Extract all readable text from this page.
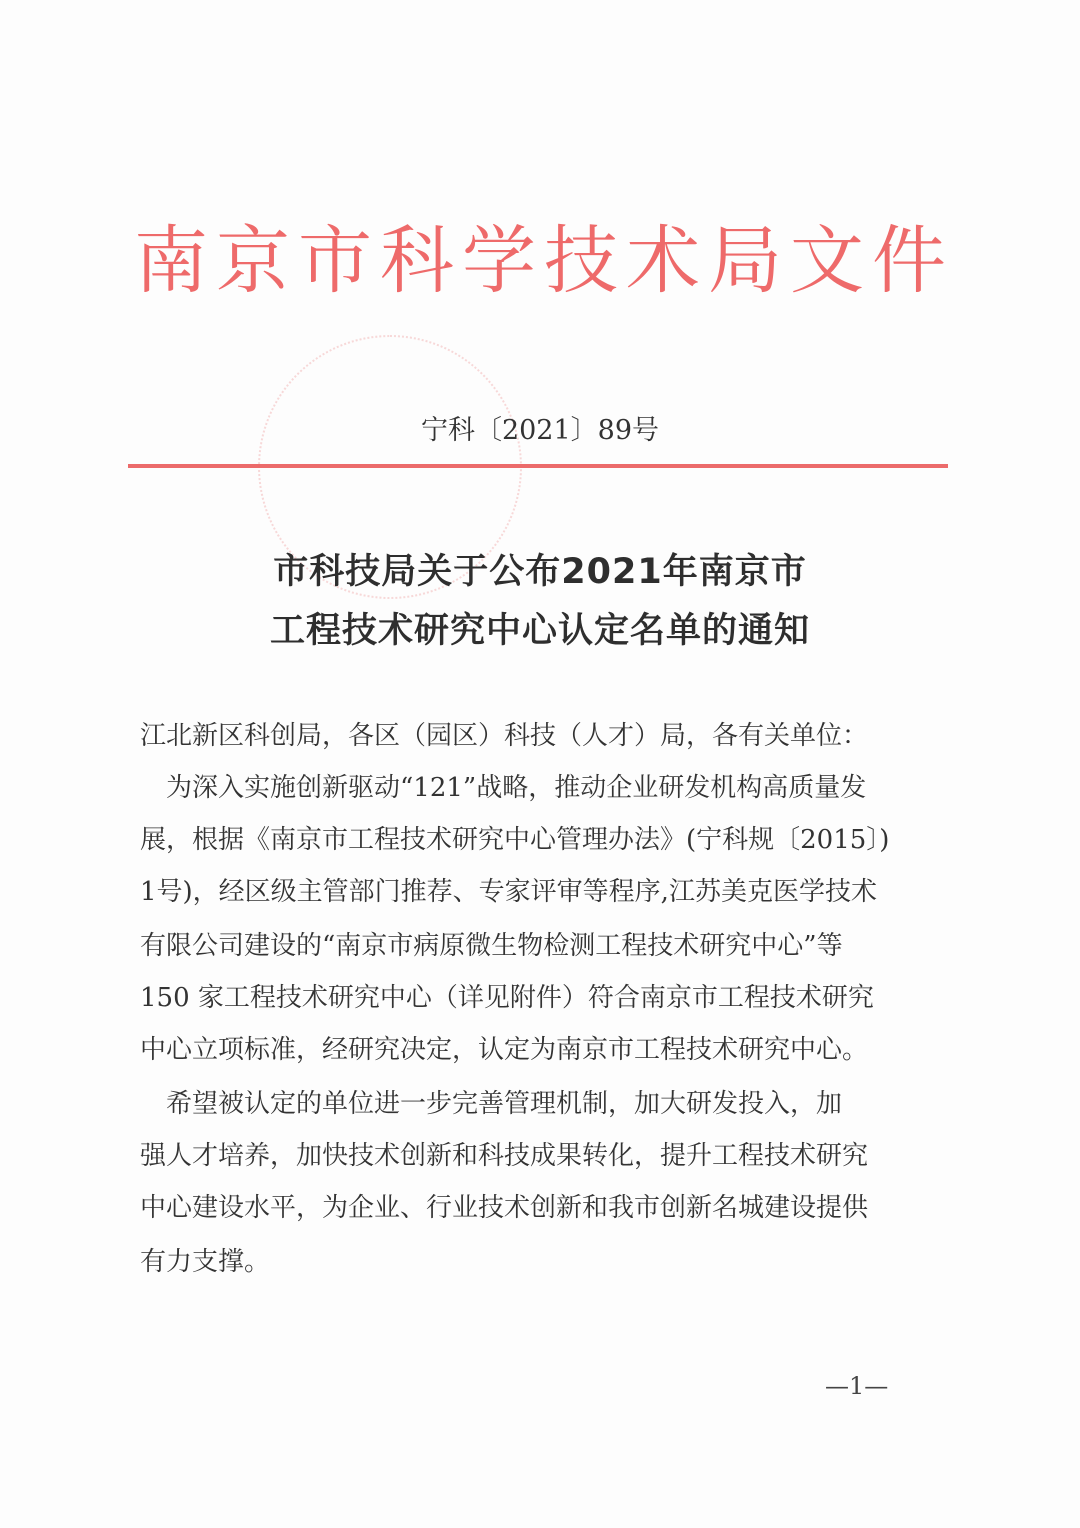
南 京 市 科 学 技 术 局 文 件
宁科〔2021〕89号
市科技局关于公布2021年南京市
工程技术研究中心认定名单的通知
江北新区科创局，各区（园区）科技（人才）局，各有关单位：
　为深入实施创新驱动“121”战略，推动企业研发机构高质量发
展，根据《南京市工程技术研究中心管理办法》(宁科规〔2015〕)
1号)，经区级主管部门推荐、专家评审等程序,江苏美克医学技术
有限公司建设的“南京市病原微生物检测工程技术研究中心”等
150 家工程技术研究中心（详见附件）符合南京市工程技术研究
中心立项标准，经研究决定，认定为南京市工程技术研究中心。
　希望被认定的单位进一步完善管理机制，加大研发投入，加
强人才培养，加快技术创新和科技成果转化，提升工程技术研究
中心建设水平，为企业、行业技术创新和我市创新名城建设提供
有力支撑。
—1—
